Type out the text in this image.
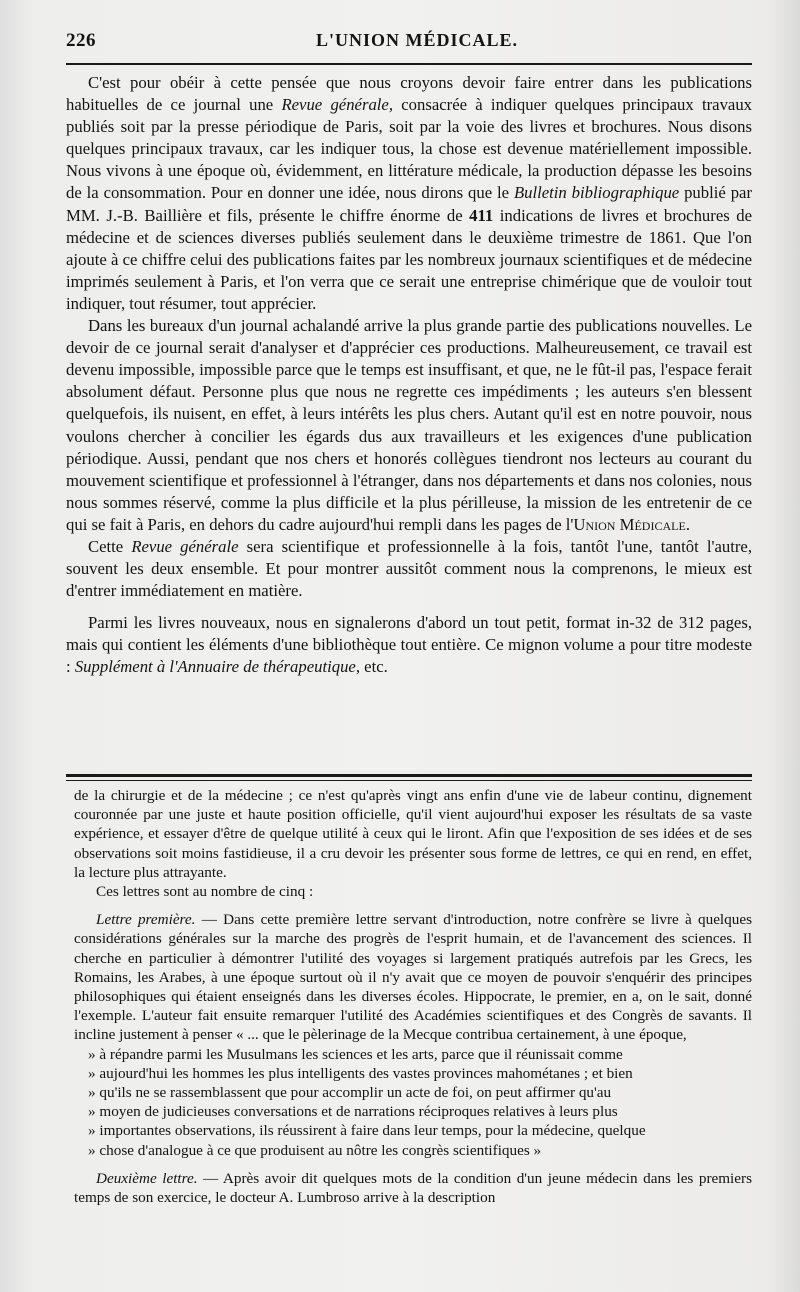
226	L'UNION MÉDICALE.

C'est pour obéir à cette pensée que nous croyons devoir faire entrer dans les publications habituelles de ce journal une Revue générale, consacrée à indiquer quelques principaux travaux publiés soit par la presse périodique de Paris, soit par la voie des livres et brochures. Nous disons quelques principaux travaux, car les indiquer tous, la chose est devenue matériellement impossible. Nous vivons à une époque où, évidemment, en littérature médicale, la production dépasse les besoins de la consommation. Pour en donner une idée, nous dirons que le Bulletin bibliographique publié par MM. J.-B. Baillière et fils, présente le chiffre énorme de 411 indications de livres et brochures de médecine et de sciences diverses publiés seulement dans le deuxième trimestre de 1861. Que l'on ajoute à ce chiffre celui des publications faites par les nombreux journaux scientifiques et de médecine imprimés seulement à Paris, et l'on verra que ce serait une entreprise chimérique que de vouloir tout indiquer, tout résumer, tout apprécier.

Dans les bureaux d'un journal achalandé arrive la plus grande partie des publications nouvelles. Le devoir de ce journal serait d'analyser et d'apprécier ces productions. Malheureusement, ce travail est devenu impossible, impossible parce que le temps est insuffisant, et que, ne le fût-il pas, l'espace ferait absolument défaut. Personne plus que nous ne regrette ces impédiments ; les auteurs s'en blessent quelquefois, ils nuisent, en effet, à leurs intérêts les plus chers. Autant qu'il est en notre pouvoir, nous voulons chercher à concilier les égards dus aux travailleurs et les exigences d'une publication périodique. Aussi, pendant que nos chers et honorés collègues tiendront nos lecteurs au courant du mouvement scientifique et professionnel à l'étranger, dans nos départements et dans nos colonies, nous nous sommes réservé, comme la plus difficile et la plus périlleuse, la mission de les entretenir de ce qui se fait à Paris, en dehors du cadre aujourd'hui rempli dans les pages de l'Union Médicale.

Cette Revue générale sera scientifique et professionnelle à la fois, tantôt l'une, tantôt l'autre, souvent les deux ensemble. Et pour montrer aussitôt comment nous la comprenons, le mieux est d'entrer immédiatement en matière.

Parmi les livres nouveaux, nous en signalerons d'abord un tout petit, format in-32 de 312 pages, mais qui contient les éléments d'une bibliothèque tout entière. Ce mignon volume a pour titre modeste : Supplément à l'Annuaire de thérapeutique, etc.

de la chirurgie et de la médecine ; ce n'est qu'après vingt ans enfin d'une vie de labeur continu, dignement couronnée par une juste et haute position officielle, qu'il vient aujourd'hui exposer les résultats de sa vaste expérience, et essayer d'être de quelque utilité à ceux qui le liront. Afin que l'exposition de ses idées et de ses observations soit moins fastidieuse, il a cru devoir les présenter sous forme de lettres, ce qui en rend, en effet, la lecture plus attrayante.

Ces lettres sont au nombre de cinq :

Lettre première. — Dans cette première lettre servant d'introduction, notre confrère se livre à quelques considérations générales sur la marche des progrès de l'esprit humain, et de l'avancement des sciences. Il cherche en particulier à démontrer l'utilité des voyages si largement pratiqués autrefois par les Grecs, les Romains, les Arabes, à une époque surtout où il n'y avait que ce moyen de pouvoir s'enquérir des principes philosophiques qui étaient enseignés dans les diverses écoles. Hippocrate, le premier, en a, on le sait, donné l'exemple. L'auteur fait ensuite remarquer l'utilité des Académies scientifiques et des Congrès de savants. Il incline justement à penser « ... que le pèlerinage de la Mecque contribua certainement, à une époque,

» à répandre parmi les Musulmans les sciences et les arts, parce que il réunissait comme
» aujourd'hui les hommes les plus intelligents des vastes provinces mahométanes ; et bien
» qu'ils ne se rassemblassent que pour accomplir un acte de foi, on peut affirmer qu'au
» moyen de judicieuses conversations et de narrations réciproques relatives à leurs plus
» importantes observations, ils réussirent à faire dans leur temps, pour la médecine, quelque
» chose d'analogue à ce que produisent au nôtre les congrès scientifiques »

Deuxième lettre. — Après avoir dit quelques mots de la condition d'un jeune médecin dans les premiers temps de son exercice, le docteur A. Lumbroso arrive à la description
